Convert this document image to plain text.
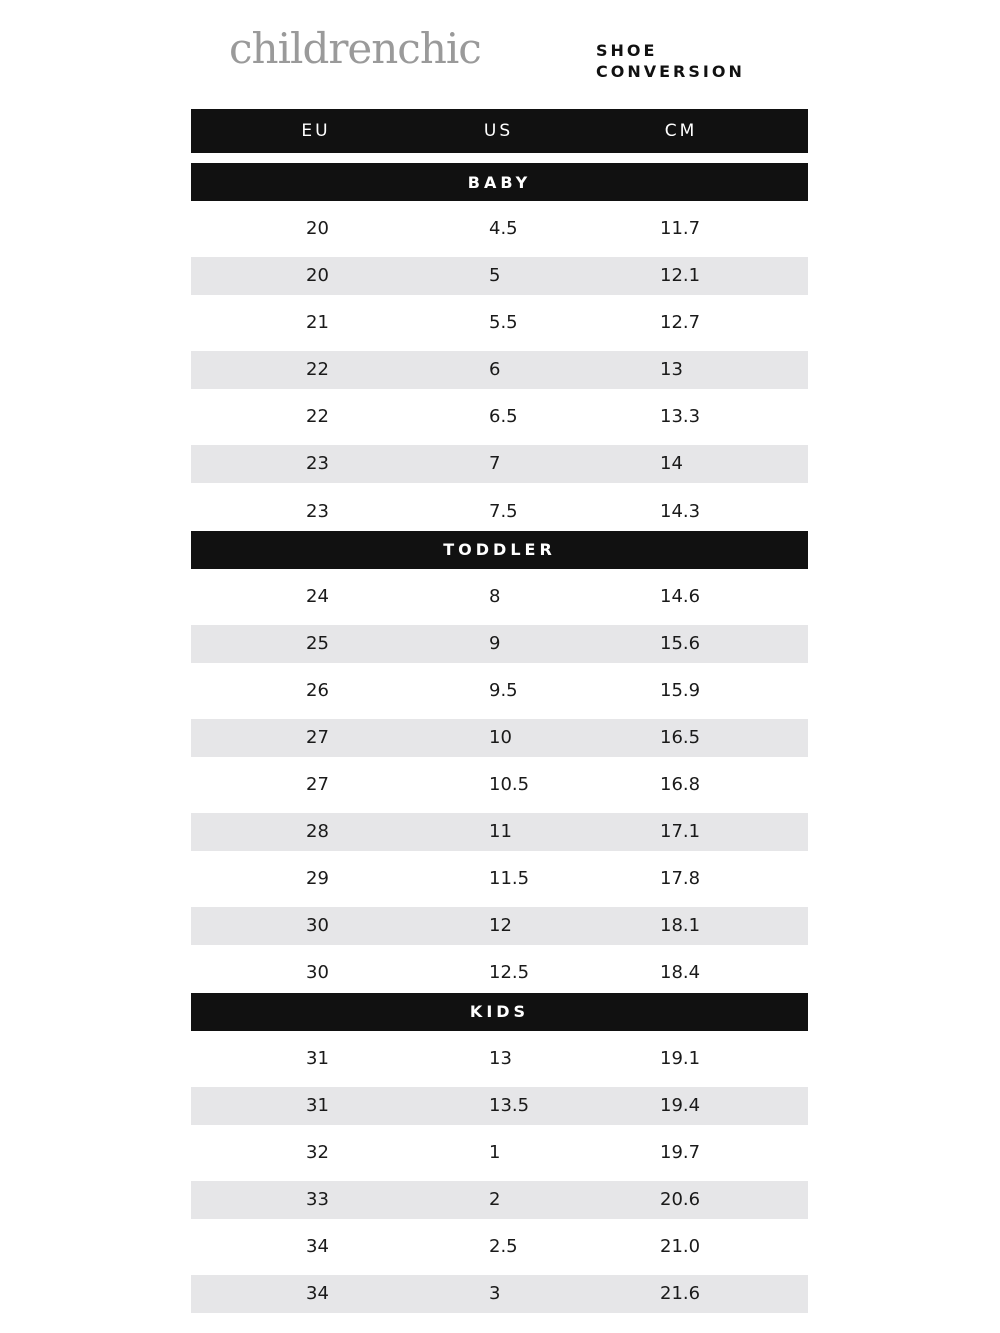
childrenchic	SHOE
CONVERSION
EU	US	CM
BABY
20	4.5	11.7
20	5	12.1
21	5.5	12.7
22	6	13
22	6.5	13.3
23	7	14
23	7.5	14.3
TODDLER
24	8	14.6
25	9	15.6
26	9.5	15.9
27	10	16.5
27	10.5	16.8
28	11	17.1
29	11.5	17.8
30	12	18.1
30	12.5	18.4
KIDS
31	13	19.1
31	13.5	19.4
32	1	19.7
33	2	20.6
34	2.5	21.0
34	3	21.6
